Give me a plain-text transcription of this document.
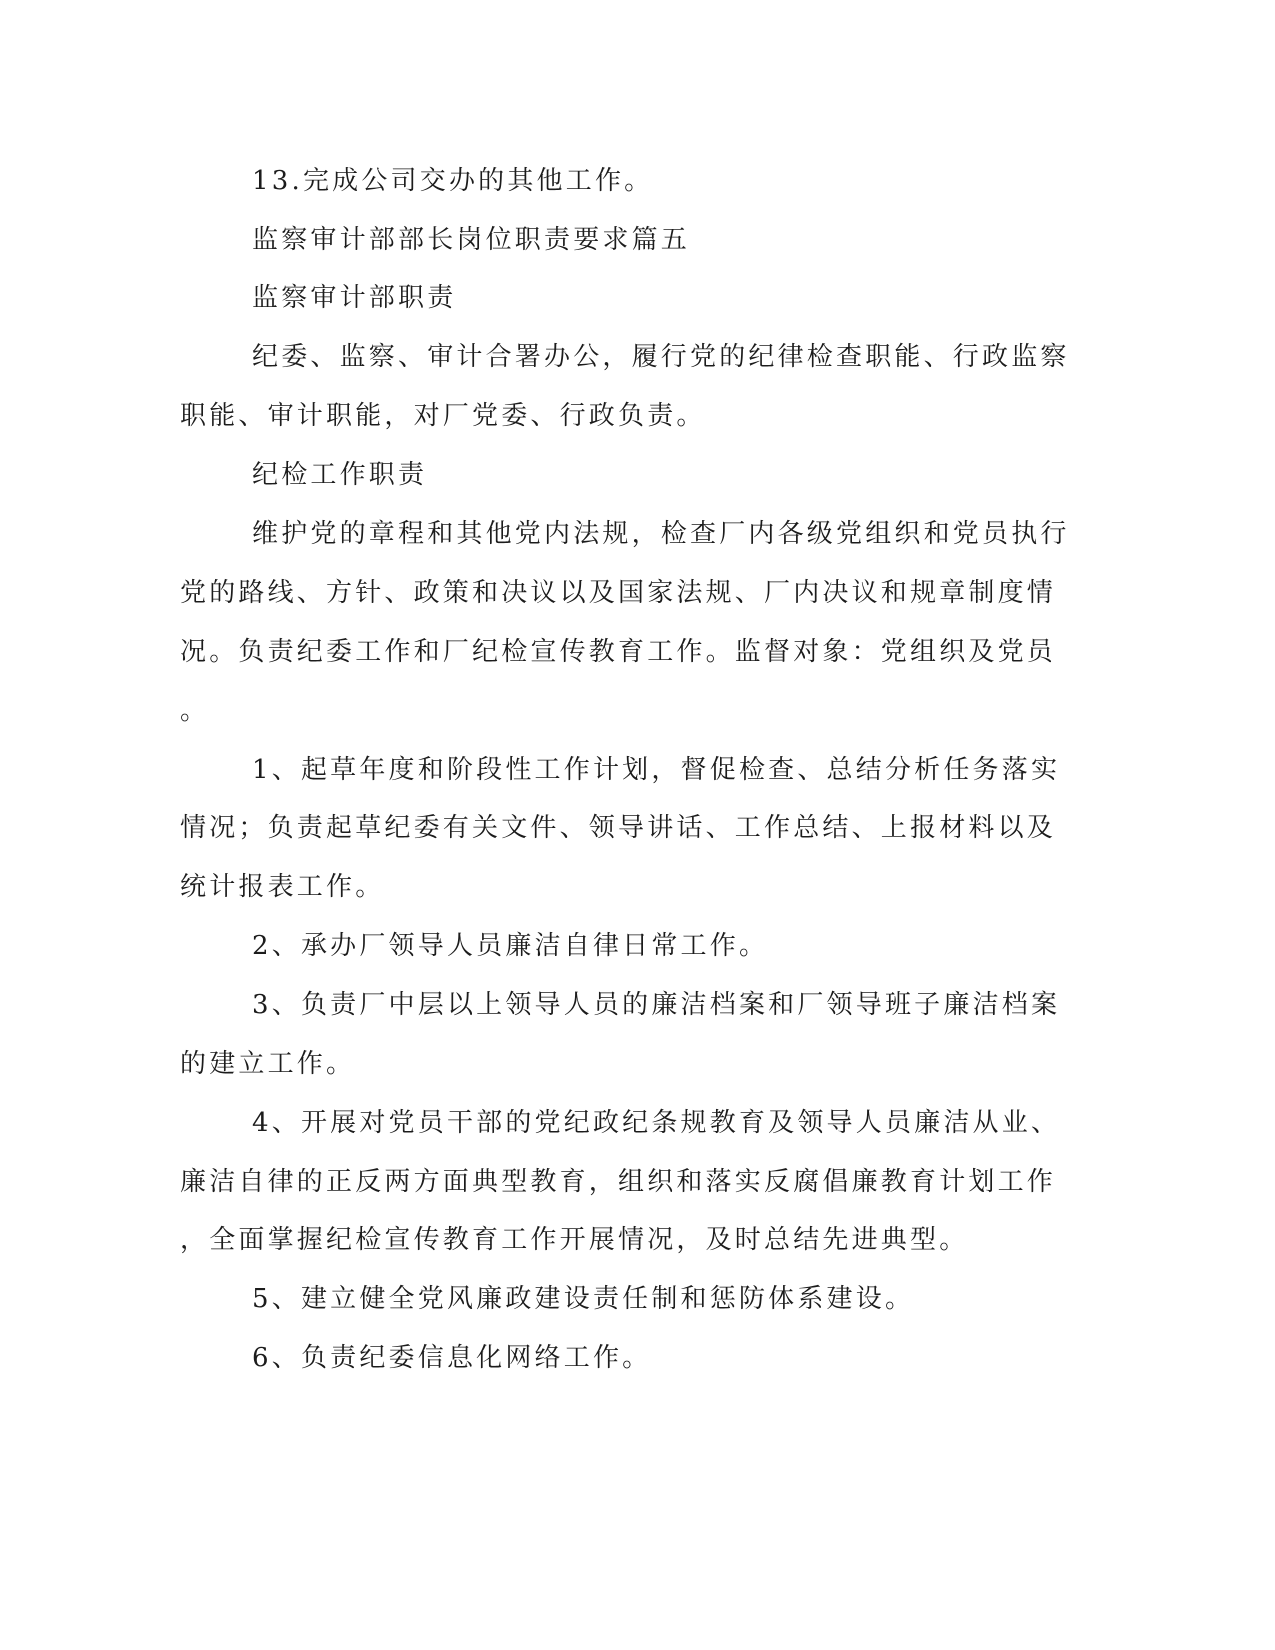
13.完成公司交办的其他工作。
监察审计部部长岗位职责要求篇五
监察审计部职责
纪委、监察、审计合署办公，履行党的纪律检查职能、行政监察
职能、审计职能，对厂党委、行政负责。
纪检工作职责
维护党的章程和其他党内法规，检查厂内各级党组织和党员执行
党的路线、方针、政策和决议以及国家法规、厂内决议和规章制度情
况。负责纪委工作和厂纪检宣传教育工作。监督对象：党组织及党员
。
1、起草年度和阶段性工作计划，督促检查、总结分析任务落实
情况；负责起草纪委有关文件、领导讲话、工作总结、上报材料以及
统计报表工作。
2、承办厂领导人员廉洁自律日常工作。
3、负责厂中层以上领导人员的廉洁档案和厂领导班子廉洁档案
的建立工作。
4、开展对党员干部的党纪政纪条规教育及领导人员廉洁从业、
廉洁自律的正反两方面典型教育，组织和落实反腐倡廉教育计划工作
，全面掌握纪检宣传教育工作开展情况，及时总结先进典型。
5、建立健全党风廉政建设责任制和惩防体系建设。
6、负责纪委信息化网络工作。
